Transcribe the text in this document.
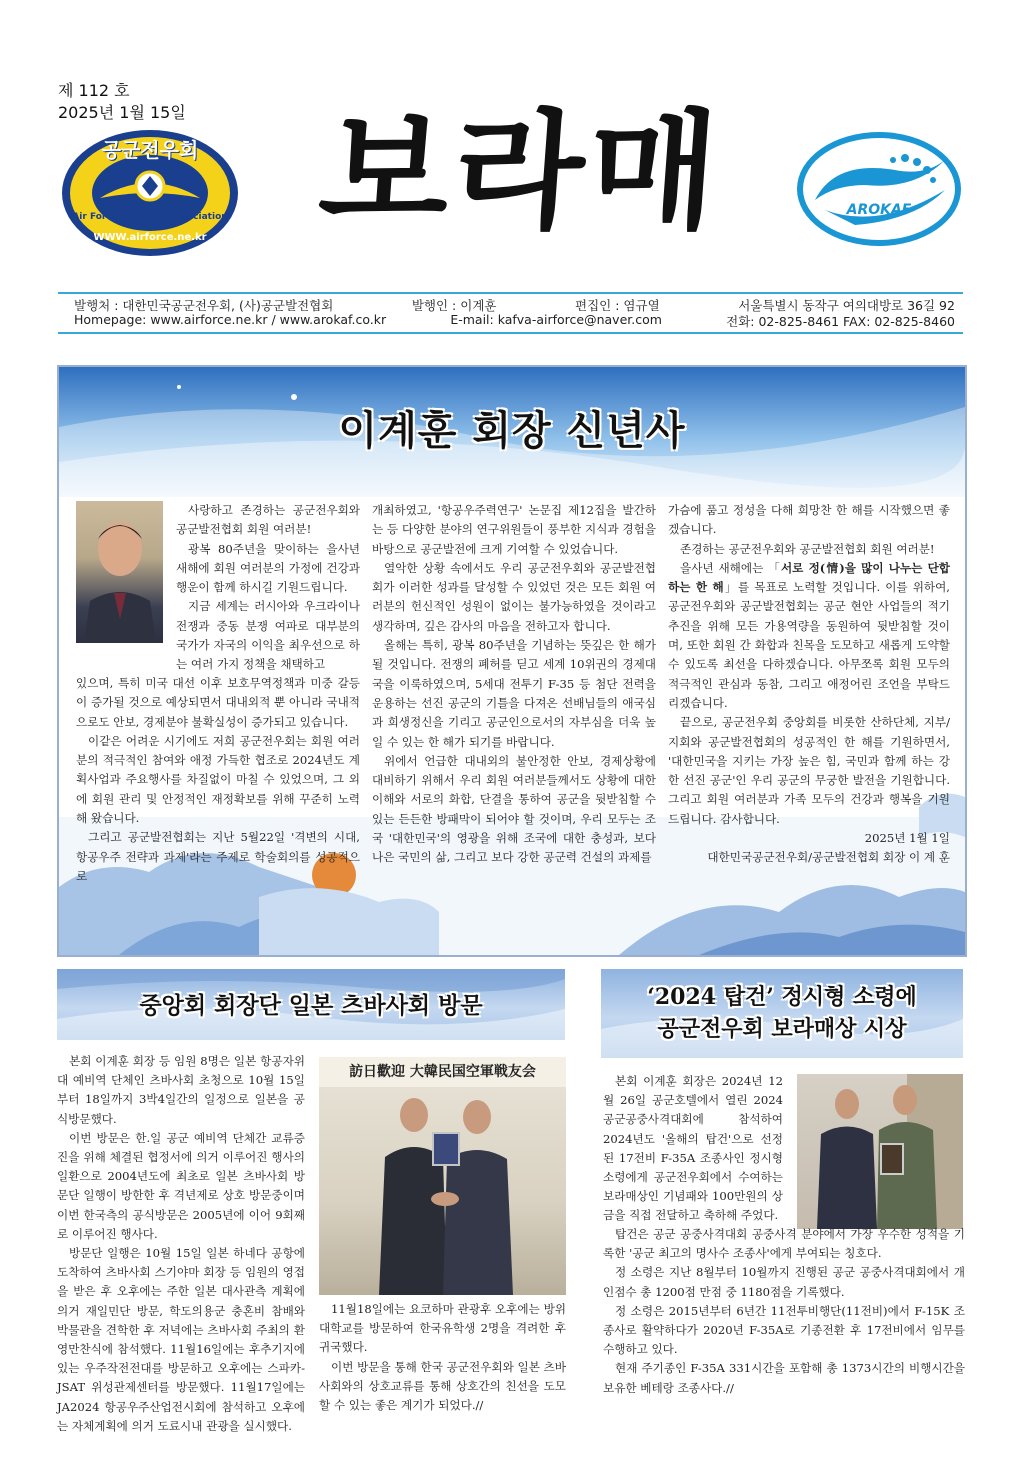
제 112 호
2025년 1월 15일
공군전우회
Air Force Veterans Association
WWW.airforce.ne.kr 보라매	AROKAF
발행처 : 대한민국공군전우회, (사)공군발전협회	발행인 : 이계훈	편집인 : 염규열	서울특별시 동작구 여의대방로 36길 92
Homepage: www.airforce.ne.kr / www.arokaf.co.kr	E-mail: kafva-airforce@naver.com	전화: 02-825-8461 FAX: 02-825-8460
이계훈 회장 신년사

사랑하고 존경하는 공군전우회와 공군발전협회 회원 여러분!

광복 80주년을 맞이하는 을사년 새해에 회원 여러분의 가정에 건강과 행운이 함께 하시길 기원드립니다.

지금 세계는 러시아와 우크라이나 전쟁과 중동 분쟁 여파로 대부분의 국가가 자국의 이익을 최우선으로 하는 여러 가지 정책을 채택하고

있으며, 특히 미국 대선 이후 보호무역정책과 미중 갈등이 증가될 것으로 예상되면서 대내외적 뿐 아니라 국내적으로도 안보, 경제분야 불확실성이 증가되고 있습니다.

이같은 어려운 시기에도 저희 공군전우회는 회원 여러분의 적극적인 참여와 애정 가득한 협조로 2024년도 계획사업과 주요행사를 차질없이 마칠 수 있었으며, 그 외에 회원 관리 및 안정적인 재정확보를 위해 꾸준히 노력해 왔습니다.

그리고 공군발전협회는 지난 5월22일 '격변의 시대, 항공우주 전략과 과제'라는 주제로 학술회의를 성공적으로

개최하였고, '항공우주력연구' 논문집 제12집을 발간하는 등 다양한 분야의 연구위원들이 풍부한 지식과 경험을 바탕으로 공군발전에 크게 기여할 수 있었습니다.

열악한 상황 속에서도 우리 공군전우회와 공군발전협회가 이러한 성과를 달성할 수 있었던 것은 모든 회원 여러분의 헌신적인 성원이 없이는 불가능하였을 것이라고 생각하며, 깊은 감사의 마음을 전하고자 합니다.

올해는 특히, 광복 80주년을 기념하는 뜻깊은 한 해가 될 것입니다. 전쟁의 폐허를 딛고 세계 10위권의 경제대국을 이룩하였으며, 5세대 전투기 F-35 등 첨단 전력을 운용하는 선진 공군의 기틀을 다져온 선배님들의 애국심과 희생정신을 기리고 공군인으로서의 자부심을 더욱 높일 수 있는 한 해가 되기를 바랍니다.

위에서 언급한 대내외의 불안정한 안보, 경제상황에 대비하기 위해서 우리 회원 여러분들께서도 상황에 대한 이해와 서로의 화합, 단결을 통하여 공군을 뒷받침할 수 있는 든든한 방패막이 되어야 할 것이며, 우리 모두는 조국 '대한민국'의 영광을 위해 조국에 대한 충성과, 보다 나은 국민의 삶, 그리고 보다 강한 공군력 건설의 과제를

가슴에 품고 정성을 다해 희망찬 한 해를 시작했으면 좋겠습니다.

존경하는 공군전우회와 공군발전협회 회원 여러분!

을사년 새해에는 「서로 정(情)을 많이 나누는 단합하는 한 해」를 목표로 노력할 것입니다. 이를 위하여, 공군전우회와 공군발전협회는 공군 현안 사업들의 적기 추진을 위해 모든 가용역량을 동원하여 뒷받침할 것이며, 또한 회원 간 화합과 친목을 도모하고 새롭게 도약할 수 있도록 최선을 다하겠습니다. 아무쪼록 회원 모두의 적극적인 관심과 동참, 그리고 애정어린 조언을 부탁드리겠습니다.

끝으로, 공군전우회 중앙회를 비롯한 산하단체, 지부/지회와 공군발전협회의 성공적인 한 해를 기원하면서, '대한민국을 지키는 가장 높은 힘, 국민과 함께 하는 강한 선진 공군'인 우리 공군의 무궁한 발전을 기원합니다. 그리고 회원 여러분과 가족 모두의 건강과 행복을 기원드립니다. 감사합니다.

2025년 1월 1일
대한민국공군전우회/공군발전협회 회장 이 계 훈
중앙회 회장단 일본 츠바사회 방문

본회 이계훈 회장 등 임원 8명은 일본 항공자위대 예비역 단체인 츠바사회 초청으로 10월 15일부터 18일까지 3박4일간의 일정으로 일본을 공식방문했다.

이번 방문은 한.일 공군 예비역 단체간 교류증진을 위해 체결된 협정서에 의거 이루어진 행사의 일환으로 2004년도에 최초로 일본 츠바사회 방문단 일행이 방한한 후 격년제로 상호 방문중이며 이번 한국측의 공식방문은 2005년에 이어 9회째로 이루어진 행사다.

방문단 일행은 10월 15일 일본 하네다 공항에 도착하여 츠바사회 스기야마 회장 등 임원의 영접을 받은 후 오후에는 주한 일본 대사관측 계획에 의거 재일민단 방문, 학도의용군 충혼비 참배와 박물관을 견학한 후 저녁에는 츠바사회 주최의 환영만찬식에 참석했다. 11월16일에는 후추기지에 있는 우주작전전대를 방문하고 오후에는 스파카-JSAT 위성관제센터를 방문했다. 11월17일에는 JA2024 항공우주산업전시회에 참석하고 오후에는 자체계획에 의거 도료시내 관광을 실시했다.

訪日歡迎 大韓民国空軍戦友会

11월18일에는 요코하마 관광후 오후에는 방위대학교를 방문하여 한국유학생 2명을 격려한 후 귀국했다.

이번 방문을 통해 한국 공군전우회와 일본 츠바사회와의 상호교류를 통해 상호간의 친선을 도모할 수 있는 좋은 계기가 되었다.//

‘2024 탑건’ 정시형 소령에
공군전우회 보라매상 시상

본회 이계훈 회장은 2024년 12월 26일 공군호텔에서 열린 2024 공군공중사격대회에 참석하여 2024년도 '올해의 탑건'으로 선정된 17전비 F-35A 조종사인 정시형 소령에게 공군전우회에서 수여하는 보라매상인 기념패와 100만원의 상금을 직접 전달하고 축하해 주었다.

탑건은 공군 공중사격대회 공중사격 분야에서 가장 우수한 성적을 기록한 '공군 최고의 명사수 조종사'에게 부여되는 칭호다.

정 소령은 지난 8월부터 10월까지 진행된 공군 공중사격대회에서 개인점수 총 1200점 만점 중 1180점을 기록했다.

정 소령은 2015년부터 6년간 11전투비행단(11전비)에서 F-15K 조종사로 활약하다가 2020년 F-35A로 기종전환 후 17전비에서 임무를 수행하고 있다.

현재 주기종인 F-35A 331시간을 포함해 총 1373시간의 비행시간을 보유한 베테랑 조종사다.//
